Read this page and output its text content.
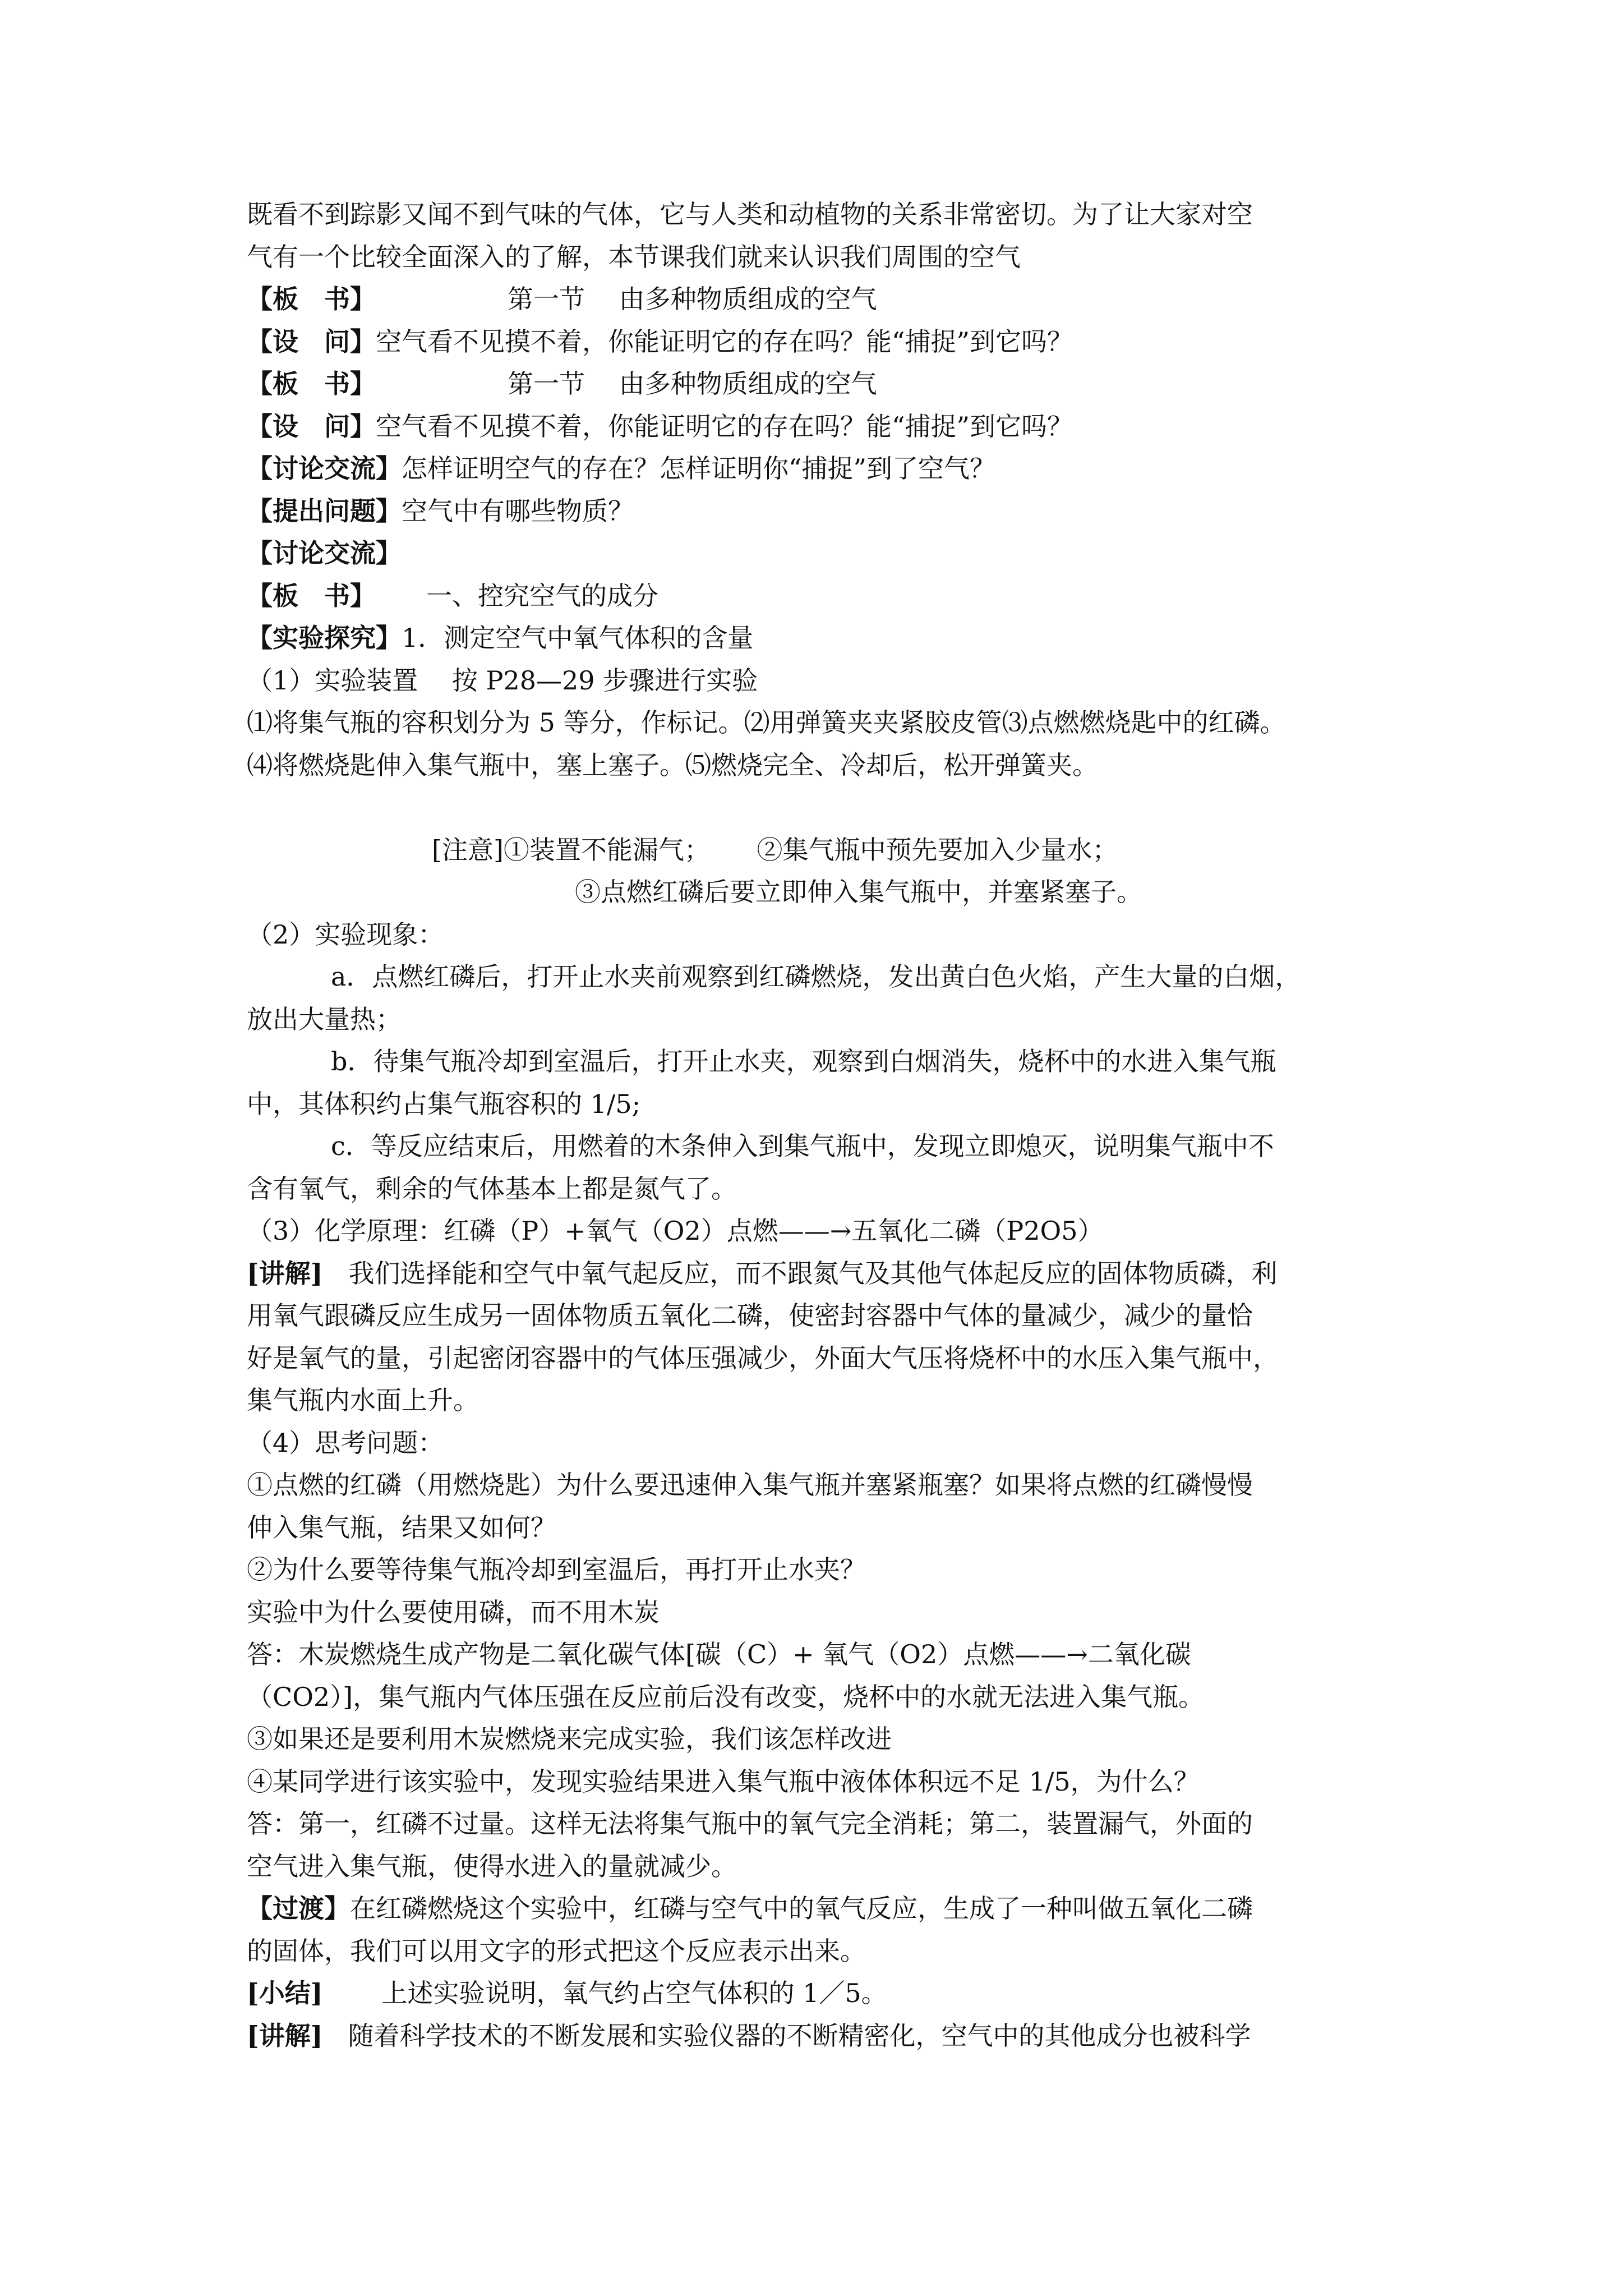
既看不到踪影又闻不到气味的气体，它与人类和动植物的关系非常密切。为了让大家对空
气有一个比较全面深入的了解，本节课我们就来认识我们周围的空气
【板　书】	第一节　 由多种物质组成的空气
【设　问】 空气看不见摸不着，你能证明它的存在吗？能“捕捉”到它吗？
【板　书】	第一节　 由多种物质组成的空气
【设　问】 空气看不见摸不着，你能证明它的存在吗？能“捕捉”到它吗？
【讨论交流】 怎样证明空气的存在？怎样证明你“捕捉”到了空气？
【提出问题】 空气中有哪些物质？
【讨论交流】
【板　书】 一、控究空气的成分
【实验探究】 1．测定空气中氧气体积的含量
（1）实验装置　 按 P28—29 步骤进行实验
⑴将集气瓶的容积划分为 5 等分，作标记。⑵用弹簧夹夹紧胶皮管⑶点燃燃烧匙中的红磷。
⑷将燃烧匙伸入集气瓶中，塞上塞子。⑸燃烧完全、冷却后，松开弹簧夹。
[注意]①装置不能漏气；　　 ②集气瓶中预先要加入少量水；
③点燃红磷后要立即伸入集气瓶中，并塞紧塞子。
（2）实验现象：
a．点燃红磷后，打开止水夹前观察到红磷燃烧，发出黄白色火焰，产生大量的白烟，
放出大量热；
b．待集气瓶冷却到室温后，打开止水夹，观察到白烟消失，烧杯中的水进入集气瓶
中，其体积约占集气瓶容积的 1/5;
c．等反应结束后，用燃着的木条伸入到集气瓶中，发现立即熄灭，说明集气瓶中不
含有氧气，剩余的气体基本上都是氮气了。
（3）化学原理：红磷（P）+氧气（O2）点燃——→五氧化二磷（P2O5）
[讲解] 　我们选择能和空气中氧气起反应，而不跟氮气及其他气体起反应的固体物质磷，利
用氧气跟磷反应生成另一固体物质五氧化二磷，使密封容器中气体的量减少，减少的量恰
好是氧气的量，引起密闭容器中的气体压强减少，外面大气压将烧杯中的水压入集气瓶中，
集气瓶内水面上升。
（4）思考问题：
①点燃的红磷（用燃烧匙）为什么要迅速伸入集气瓶并塞紧瓶塞？如果将点燃的红磷慢慢
伸入集气瓶，结果又如何？
②为什么要等待集气瓶冷却到室温后，再打开止水夹？
实验中为什么要使用磷，而不用木炭
答：木炭燃烧生成产物是二氧化碳气体[碳（C）+ 氧气（O2）点燃——→二氧化碳
（CO2）]，集气瓶内气体压强在反应前后没有改变，烧杯中的水就无法进入集气瓶。
③如果还是要利用木炭燃烧来完成实验，我们该怎样改进
④某同学进行该实验中，发现实验结果进入集气瓶中液体体积远不足 1/5，为什么？
答：第一，红磷不过量。这样无法将集气瓶中的氧气完全消耗；第二，装置漏气，外面的
空气进入集气瓶，使得水进入的量就减少。
【过渡】 在红磷燃烧这个实验中，红磷与空气中的氧气反应，生成了一种叫做五氧化二磷
的固体，我们可以用文字的形式把这个反应表示出来。
[小结] 上述实验说明，氧气约占空气体积的 1／5。
[讲解] 随着科学技术的不断发展和实验仪器的不断精密化，空气中的其他成分也被科学
